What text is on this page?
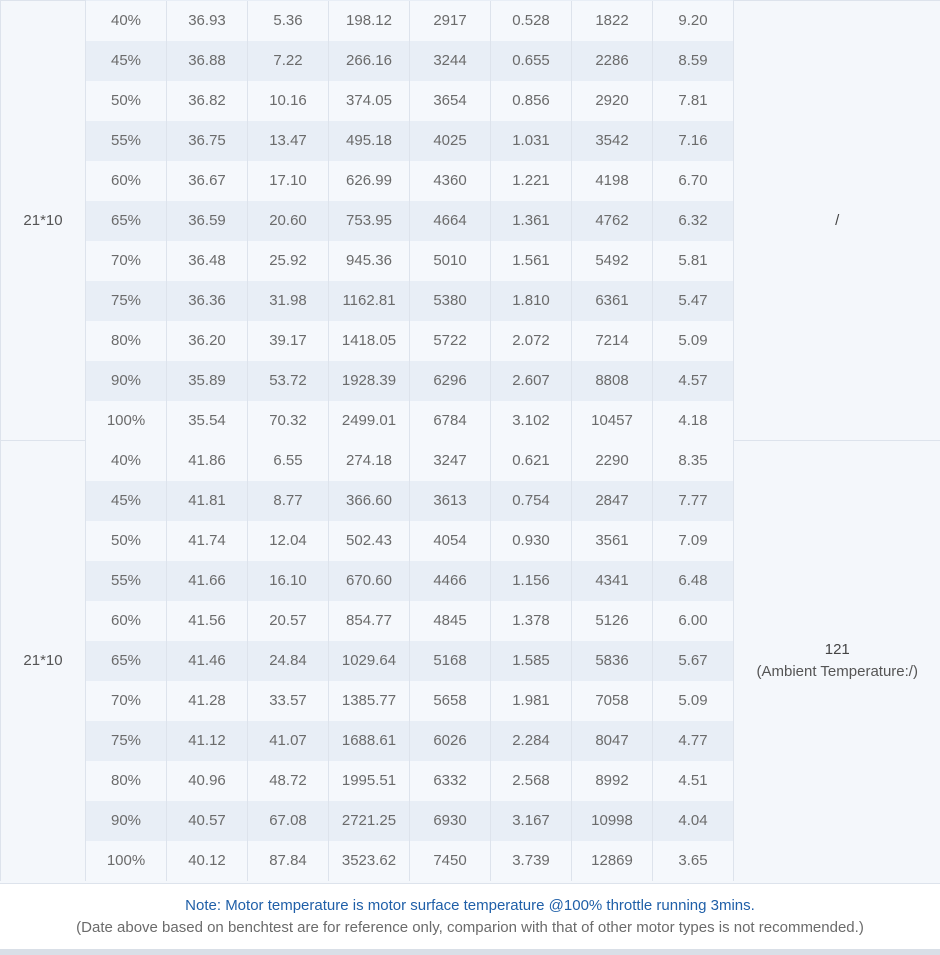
21*10	40%	36.93	5.36	198.12	2917	0.528	1822	9.20	/

	45%	36.88	7.22	266.16	3244	0.655	2286	8.59	
	50%	36.82	10.16	374.05	3654	0.856	2920	7.81	
	55%	36.75	13.47	495.18	4025	1.031	3542	7.16	
	60%	36.67	17.10	626.99	4360	1.221	4198	6.70	
	65%	36.59	20.60	753.95	4664	1.361	4762	6.32	
	70%	36.48	25.92	945.36	5010	1.561	5492	5.81	
	75%	36.36	31.98	1162.81	5380	1.810	6361	5.47	
	80%	36.20	39.17	1418.05	5722	2.072	7214	5.09	
	90%	35.89	53.72	1928.39	6296	2.607	8808	4.57	
	100%	35.54	70.32	2499.01	6784	3.102	10457	4.18	
21*10	40%	41.86	6.55	274.18	3247	0.621	2290	8.35	121
(Ambient Temperature:/)

	45%	41.81	8.77	366.60	3613	0.754	2847	7.77	
	50%	41.74	12.04	502.43	4054	0.930	3561	7.09	
	55%	41.66	16.10	670.60	4466	1.156	4341	6.48	
	60%	41.56	20.57	854.77	4845	1.378	5126	6.00	
	65%	41.46	24.84	1029.64	5168	1.585	5836	5.67	
	70%	41.28	33.57	1385.77	5658	1.981	7058	5.09	
	75%	41.12	41.07	1688.61	6026	2.284	8047	4.77	
	80%	40.96	48.72	1995.51	6332	2.568	8992	4.51	
	90%	40.57	67.08	2721.25	6930	3.167	10998	4.04	
	100%	40.12	87.84	3523.62	7450	3.739	12869	3.65	
Note: Motor temperature is motor surface temperature @100% throttle running 3mins.
(Date above based on benchtest are for reference only, comparion with that of other motor types is not recommended.)
